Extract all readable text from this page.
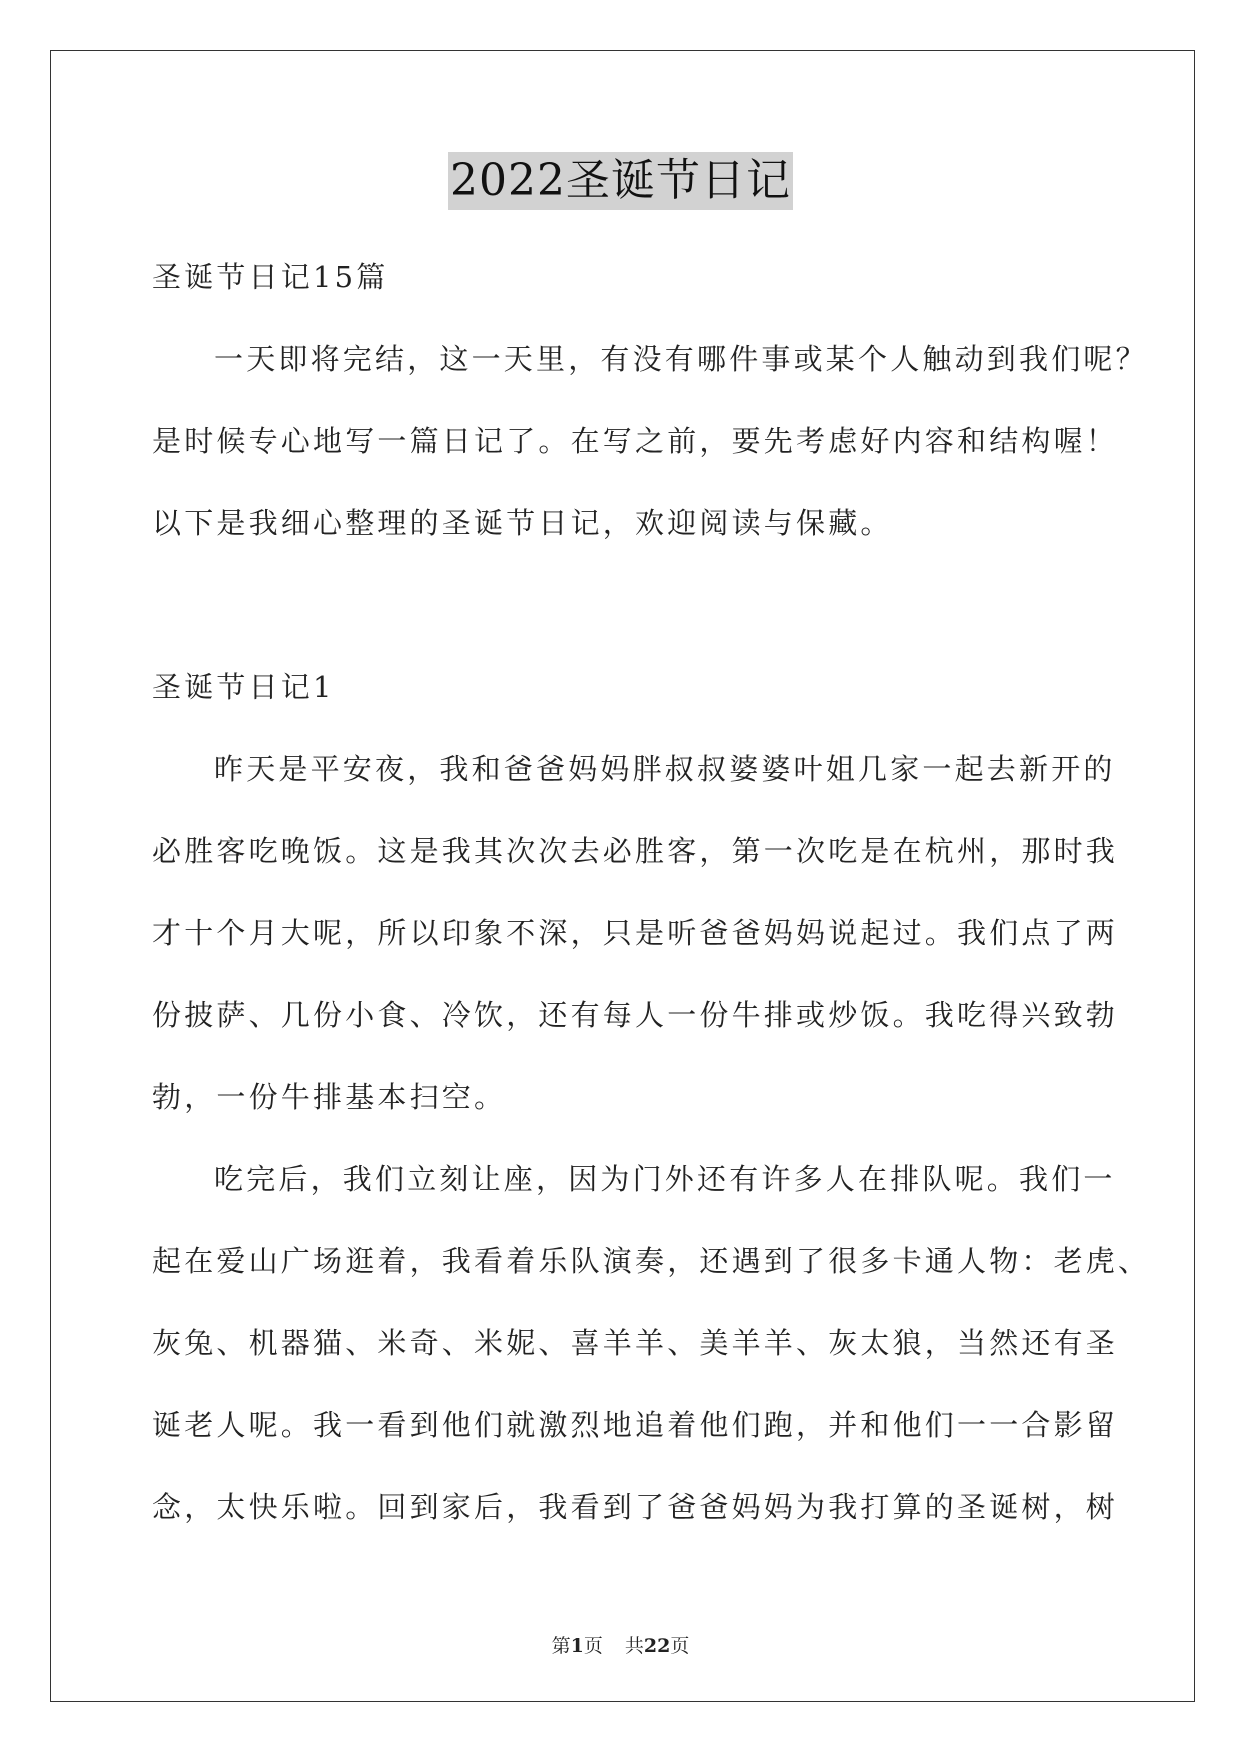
2022圣诞节日记
圣诞节日记15篇
一天即将完结，这一天里，有没有哪件事或某个人触动到我们呢？
是时候专心地写一篇日记了。在写之前，要先考虑好内容和结构喔！
以下是我细心整理的圣诞节日记，欢迎阅读与保藏。
圣诞节日记1
昨天是平安夜，我和爸爸妈妈胖叔叔婆婆叶姐几家一起去新开的
必胜客吃晚饭。这是我其次次去必胜客，第一次吃是在杭州，那时我
才十个月大呢，所以印象不深，只是听爸爸妈妈说起过。我们点了两
份披萨、几份小食、冷饮，还有每人一份牛排或炒饭。我吃得兴致勃
勃，一份牛排基本扫空。
吃完后，我们立刻让座，因为门外还有许多人在排队呢。我们一
起在爱山广场逛着，我看着乐队演奏，还遇到了很多卡通人物：老虎、
灰兔、机器猫、米奇、米妮、喜羊羊、美羊羊、灰太狼，当然还有圣
诞老人呢。我一看到他们就激烈地追着他们跑，并和他们一一合影留
念，太快乐啦。回到家后，我看到了爸爸妈妈为我打算的圣诞树，树
第1页 共22页
